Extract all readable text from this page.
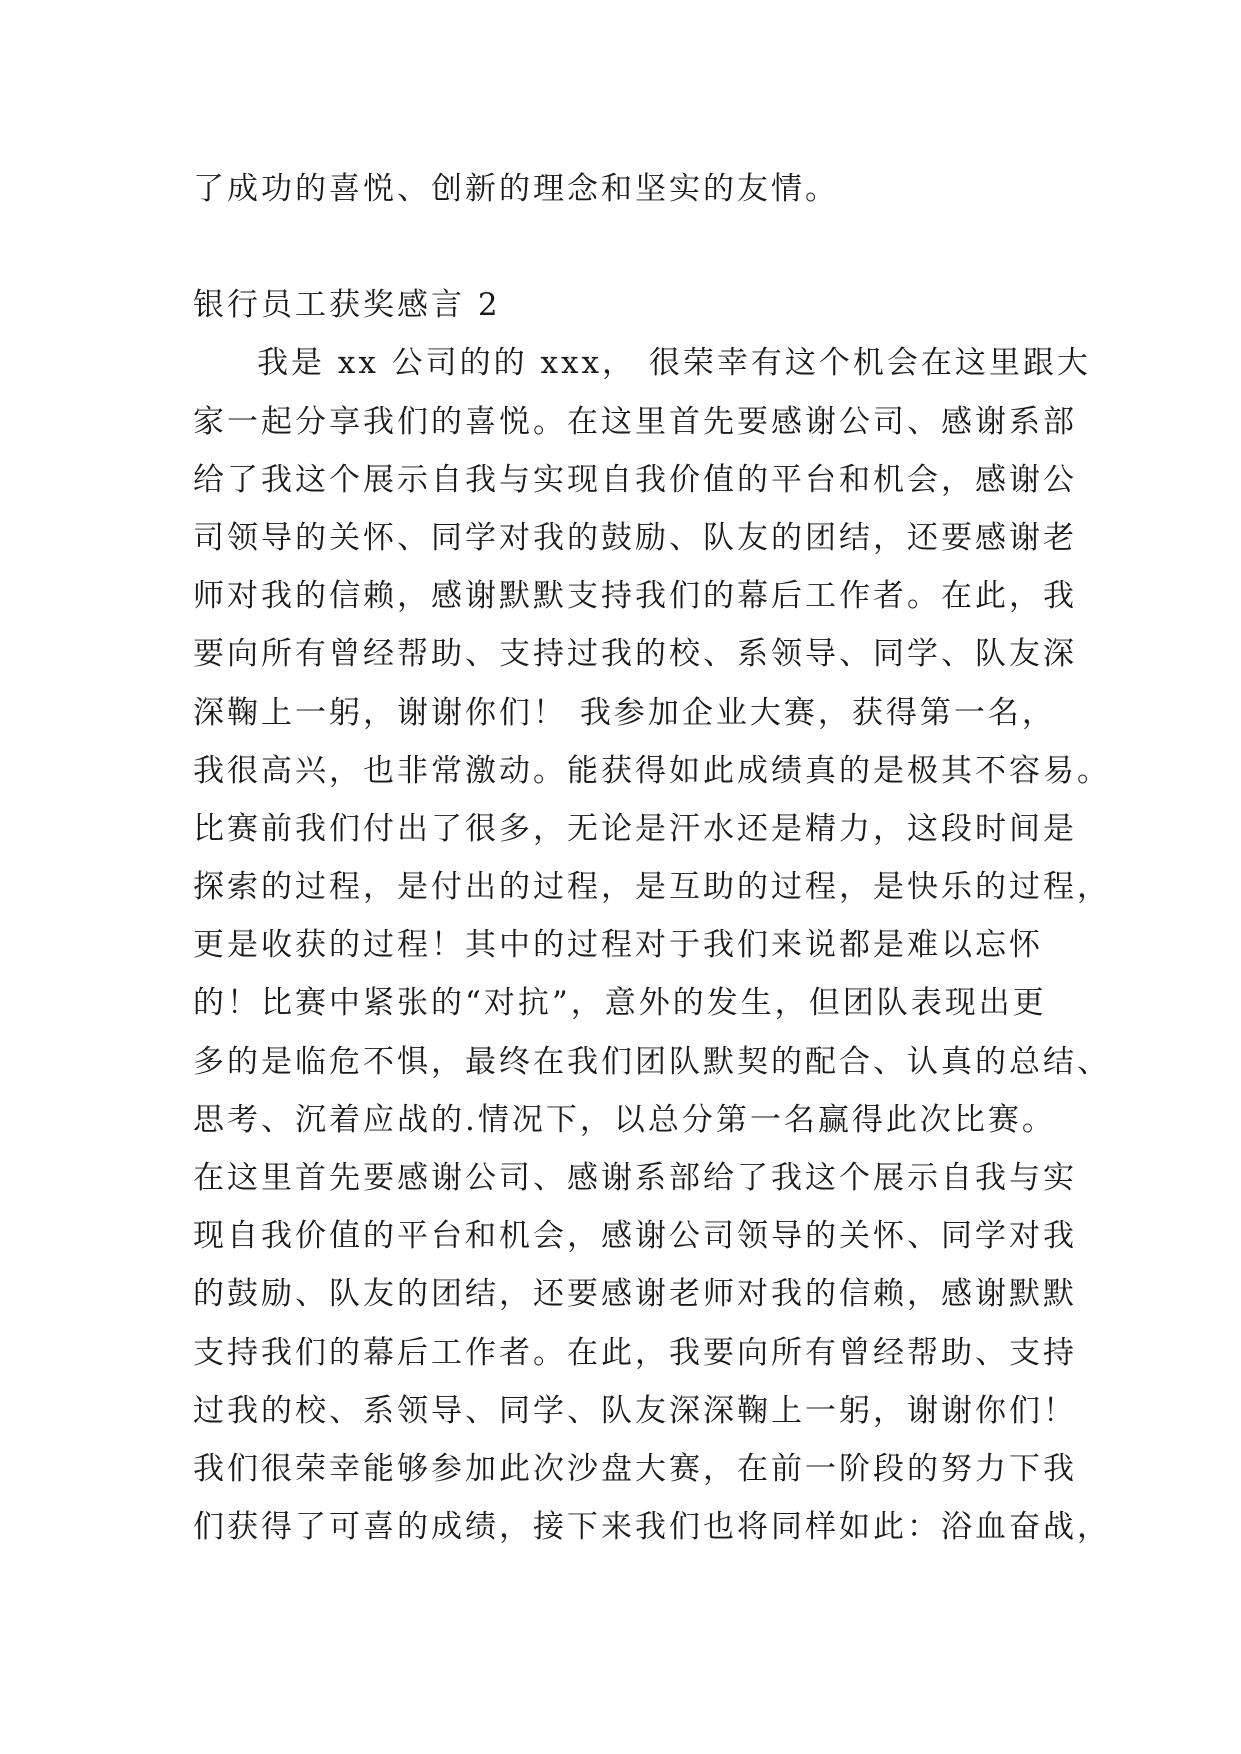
了成功的喜悦、创新的理念和坚实的友情。
银行员工获奖感言 2
我是 xx 公司的的 xxx， 很荣幸有这个机会在这里跟大
家一起分享我们的喜悦。在这里首先要感谢公司、感谢系部
给了我这个展示自我与实现自我价值的平台和机会，感谢公
司领导的关怀、同学对我的鼓励、队友的团结，还要感谢老
师对我的信赖，感谢默默支持我们的幕后工作者。在此，我
要向所有曾经帮助、支持过我的校、系领导、同学、队友深
深鞠上一躬，谢谢你们！ 我参加企业大赛，获得第一名，
我很高兴，也非常激动。能获得如此成绩真的是极其不容易。
比赛前我们付出了很多，无论是汗水还是精力，这段时间是
探索的过程，是付出的过程，是互助的过程，是快乐的过程，
更是收获的过程！其中的过程对于我们来说都是难以忘怀
的！比赛中紧张的“对抗”，意外的发生，但团队表现出更
多的是临危不惧，最终在我们团队默契的配合、认真的总结、
思考、沉着应战的.情况下，以总分第一名赢得此次比赛。
在这里首先要感谢公司、感谢系部给了我这个展示自我与实
现自我价值的平台和机会，感谢公司领导的关怀、同学对我
的鼓励、队友的团结，还要感谢老师对我的信赖，感谢默默
支持我们的幕后工作者。在此，我要向所有曾经帮助、支持
过我的校、系领导、同学、队友深深鞠上一躬，谢谢你们！
我们很荣幸能够参加此次沙盘大赛，在前一阶段的努力下我
们获得了可喜的成绩，接下来我们也将同样如此：浴血奋战，
